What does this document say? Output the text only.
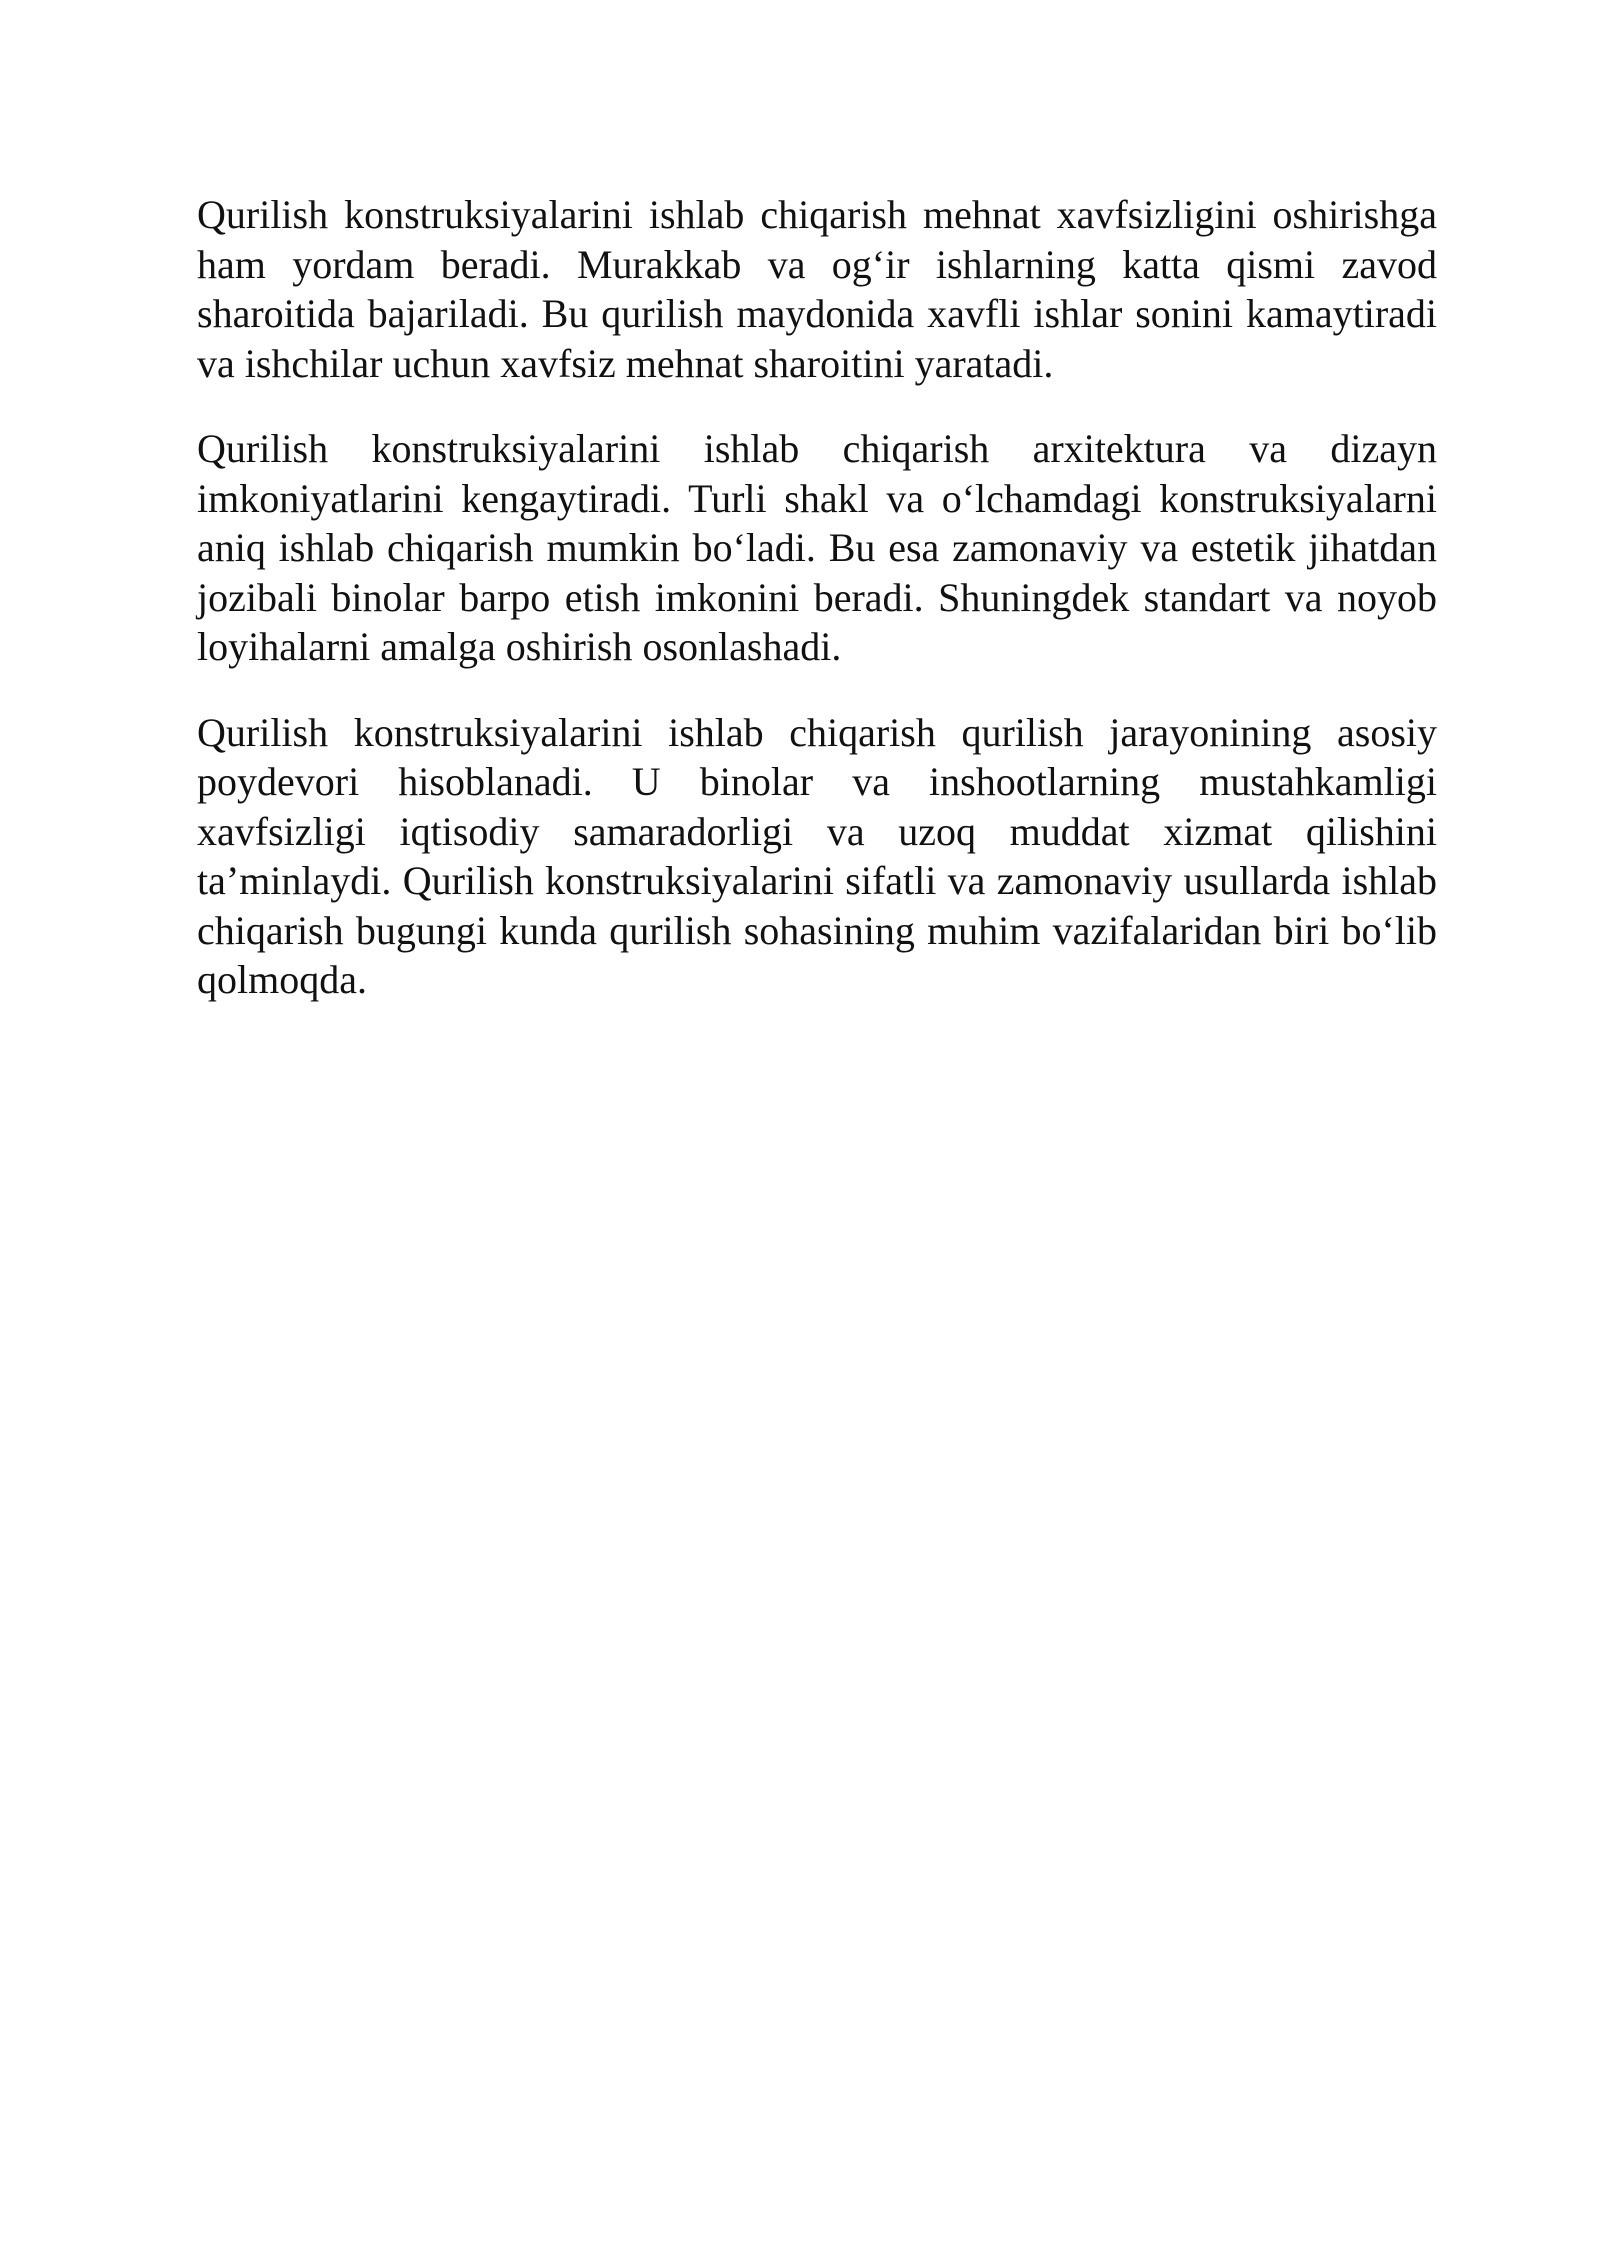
Qurilish konstruksiyalarini ishlab chiqarish mehnat xavfsizligini oshirishga ham yordam beradi. Murakkab va og‘ir ishlarning katta qismi zavod sharoitida bajariladi. Bu qurilish maydonida xavfli ishlar sonini kamaytiradi va ishchilar uchun xavfsiz mehnat sharoitini yaratadi.

Qurilish konstruksiyalarini ishlab chiqarish arxitektura va dizayn imkoniyatlarini kengaytiradi. Turli shakl va o‘lchamdagi konstruksiyalarni aniq ishlab chiqarish mumkin bo‘ladi. Bu esa zamonaviy va estetik jihatdan jozibali binolar barpo etish imkonini beradi. Shuningdek standart va noyob loyihalarni amalga oshirish osonlashadi.

Qurilish konstruksiyalarini ishlab chiqarish qurilish jarayonining asosiy poydevori hisoblanadi. U binolar va inshootlarning mustahkamligi xavfsizligi iqtisodiy samaradorligi va uzoq muddat xizmat qilishini ta’minlaydi. Qurilish konstruksiyalarini sifatli va zamonaviy usullarda ishlab chiqarish bugungi kunda qurilish sohasining muhim vazifalaridan biri bo‘lib qolmoqda.
